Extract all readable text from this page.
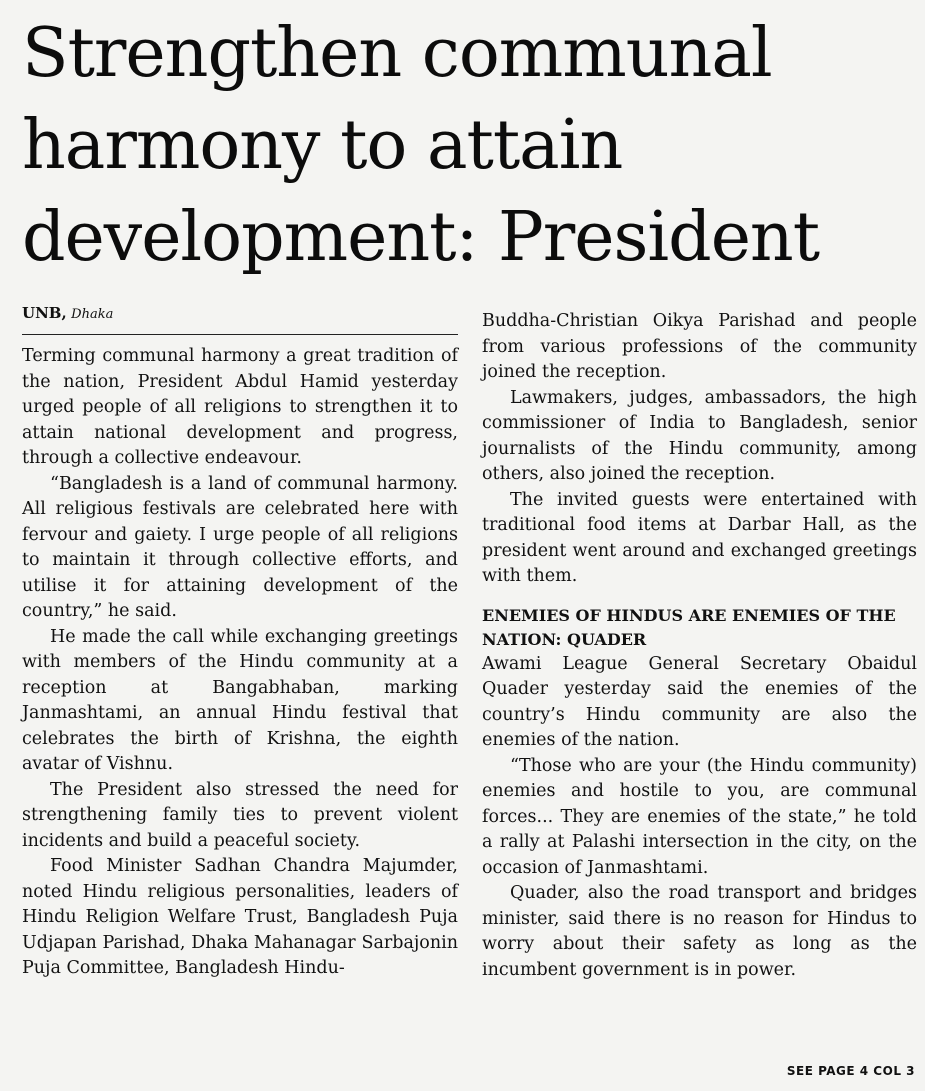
Strengthen communal
harmony to attain
development: President
UNB, Dhaka

Terming communal harmony a great tradition of the nation, President Abdul Hamid yesterday urged people of all religions to strengthen it to attain national development and progress, through a collective endeavour.

“Bangladesh is a land of communal harmony. All religious festivals are celebrated here with fervour and gaiety. I urge people of all religions to maintain it through collective efforts, and utilise it for attaining development of the country,” he said.

He made the call while exchanging greetings with members of the Hindu community at a reception at Bangabhaban, marking Janmashtami, an annual Hindu festival that celebrates the birth of Krishna, the eighth avatar of Vishnu.

The President also stressed the need for strengthening family ties to prevent violent incidents and build a peaceful society.

Food Minister Sadhan Chandra Majumder, noted Hindu religious personalities, leaders of Hindu Religion Welfare Trust, Bangladesh Puja Udjapan Parishad, Dhaka Mahanagar Sarbajonin Puja Committee, Bangladesh Hindu-

Buddha-Christian Oikya Parishad and people from various professions of the community joined the reception.

Lawmakers, judges, ambassadors, the high commissioner of India to Bangladesh, senior journalists of the Hindu community, among others, also joined the reception.

The invited guests were entertained with traditional food items at Darbar Hall, as the president went around and exchanged greetings with them.

ENEMIES OF HINDUS ARE ENEMIES OF THE NATION: QUADER

Awami League General Secretary Obaidul Quader yesterday said the enemies of the country’s Hindu community are also the enemies of the nation.

“Those who are your (the Hindu community) enemies and hostile to you, are communal forces... They are enemies of the state,” he told a rally at Palashi intersection in the city, on the occasion of Janmashtami.

Quader, also the road transport and bridges minister, said there is no reason for Hindus to worry about their safety as long as the incumbent government is in power.

SEE PAGE 4 COL 3
